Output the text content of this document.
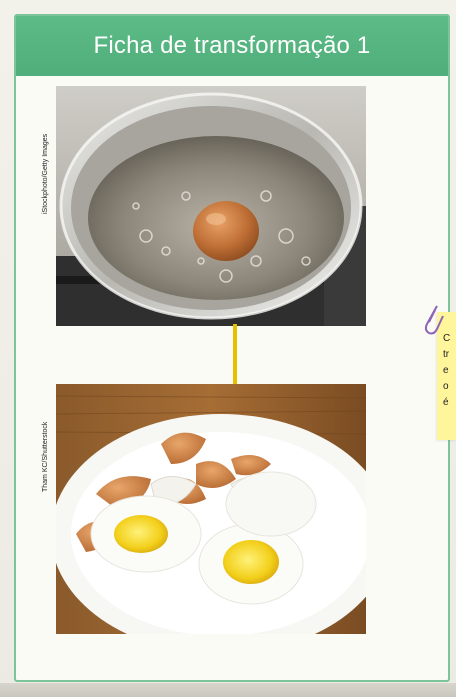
Ficha de transformação 1
iStockphoto/Getty Images
Tham KC/Shutterstock
C
tr
e
o
é
